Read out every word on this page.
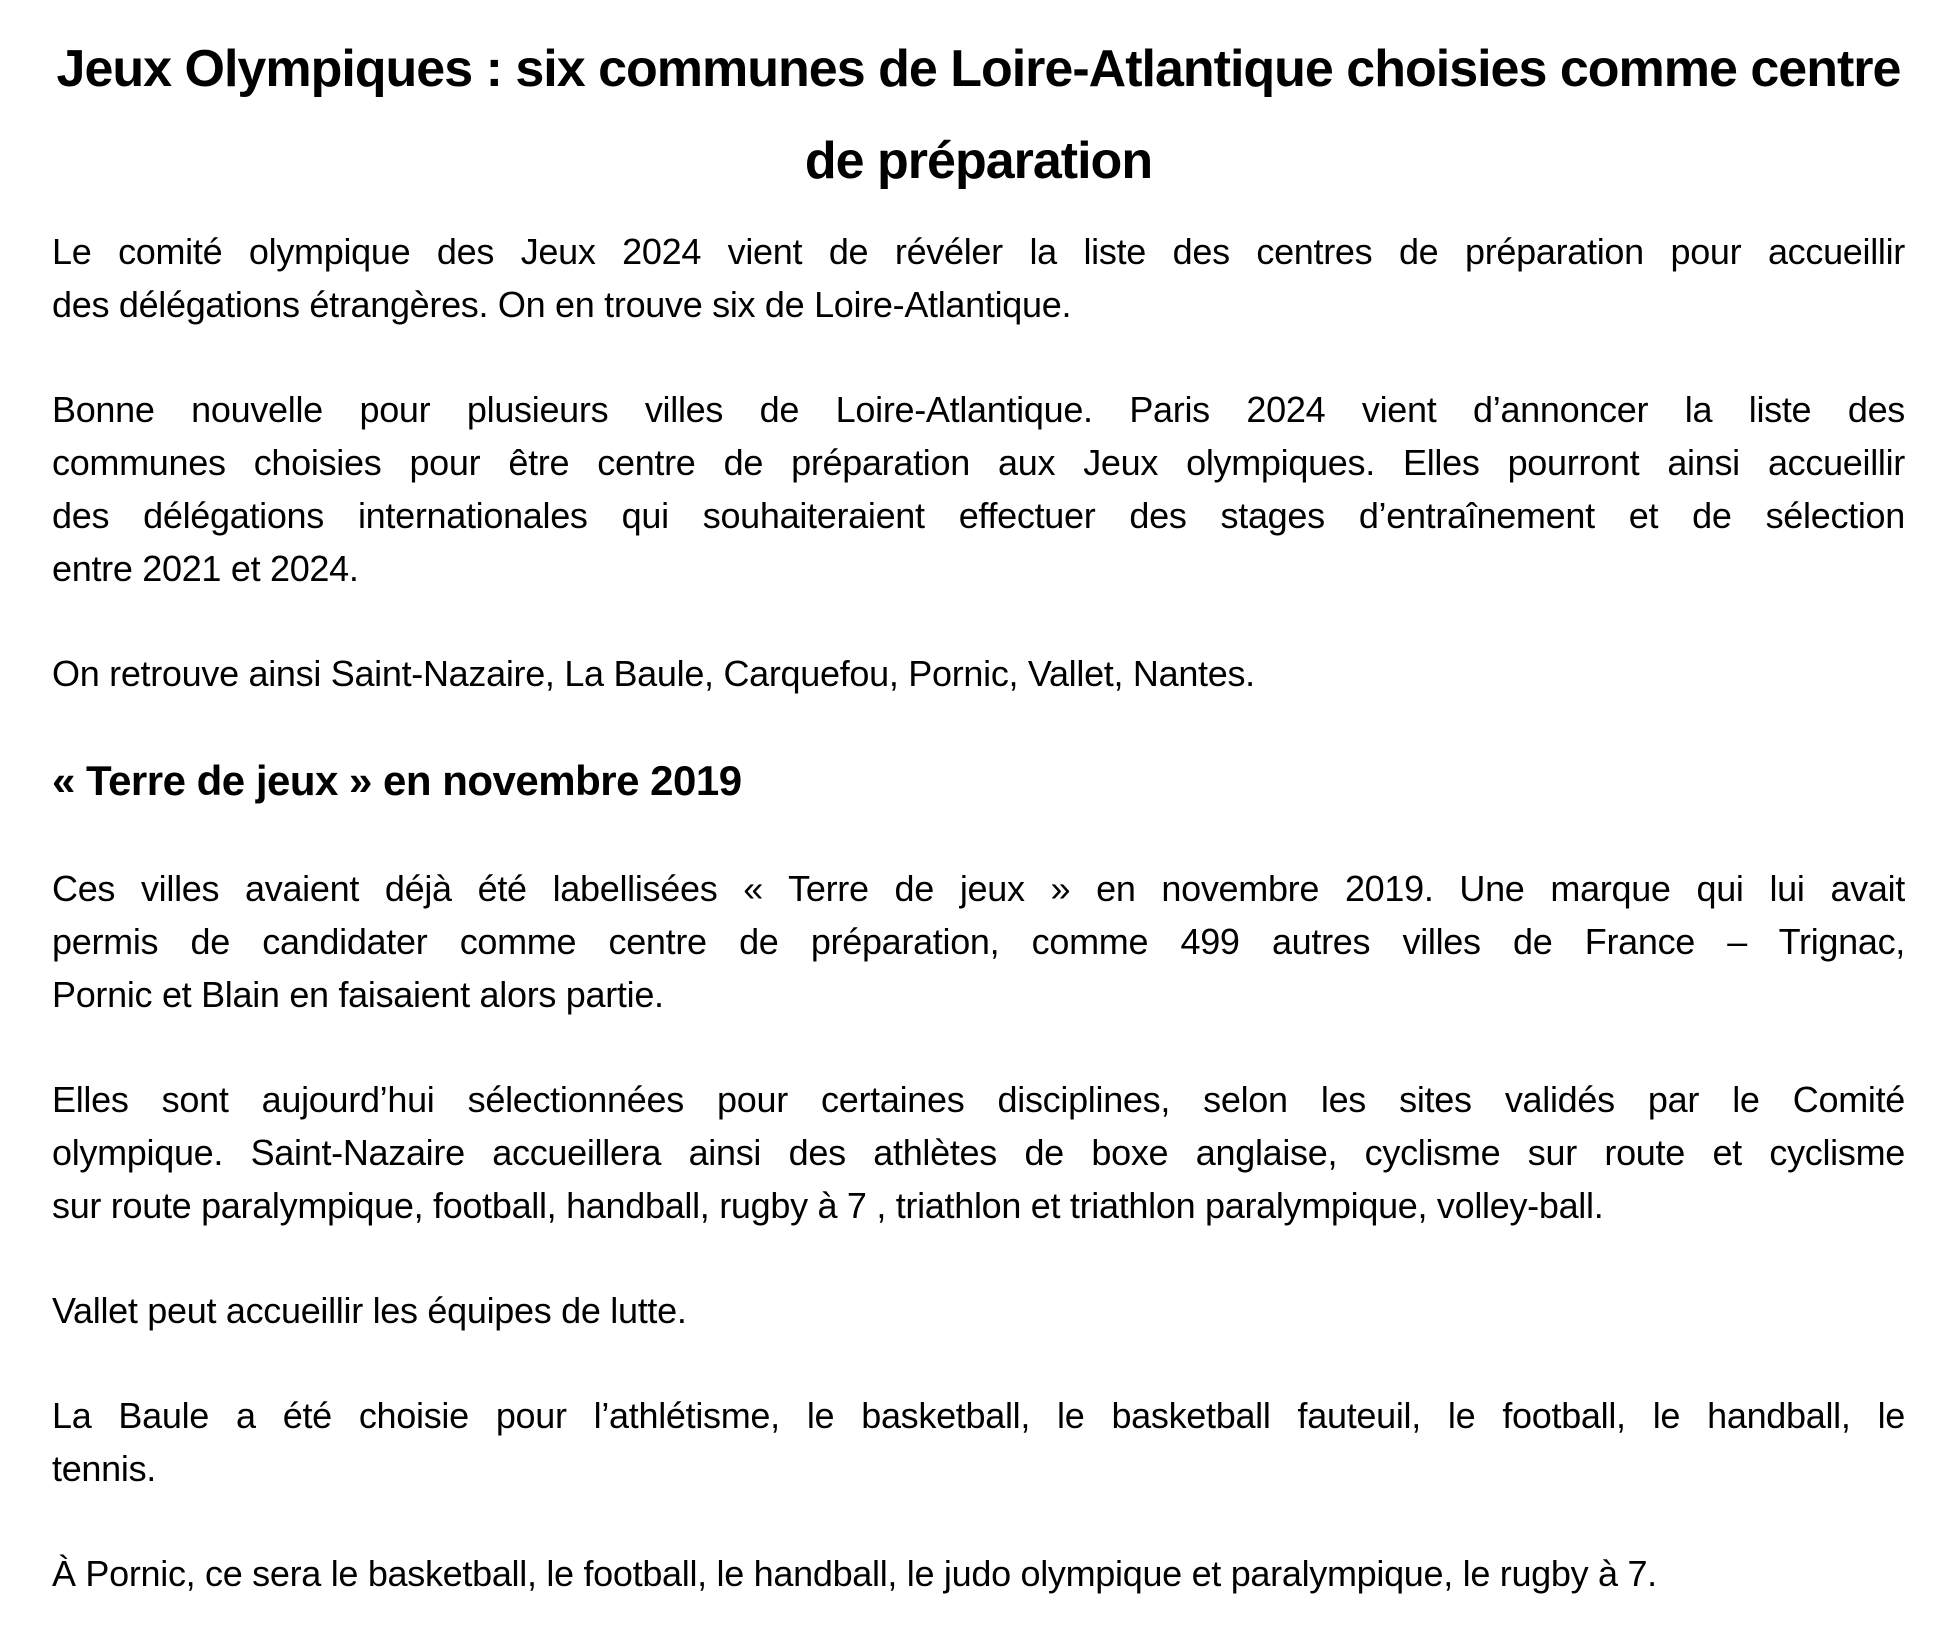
Jeux Olympiques : six communes de Loire-Atlantique choisies comme centre
de préparation

Le comité olympique des Jeux 2024 vient de révéler la liste des centres de préparation pour accueillir
des délégations étrangères. On en trouve six de Loire-Atlantique.

Bonne nouvelle pour plusieurs villes de Loire-Atlantique. Paris 2024 vient d’annoncer la liste des
communes choisies pour être centre de préparation aux Jeux olympiques. Elles pourront ainsi accueillir
des délégations internationales qui souhaiteraient effectuer des stages d’entraînement et de sélection
entre 2021 et 2024.

On retrouve ainsi Saint-Nazaire, La Baule, Carquefou, Pornic, Vallet, Nantes.

« Terre de jeux » en novembre 2019

Ces villes avaient déjà été labellisées « Terre de jeux » en novembre 2019. Une marque qui lui avait
permis de candidater comme centre de préparation, comme 499 autres villes de France – Trignac,
Pornic et Blain en faisaient alors partie.

Elles sont aujourd’hui sélectionnées pour certaines disciplines, selon les sites validés par le Comité
olympique. Saint-Nazaire accueillera ainsi des athlètes de boxe anglaise, cyclisme sur route et cyclisme
sur route paralympique, football, handball, rugby à 7 , triathlon et triathlon paralympique, volley-ball.

Vallet peut accueillir les équipes de lutte.

La Baule a été choisie pour l’athlétisme, le basketball, le basketball fauteuil, le football, le handball, le
tennis.

À Pornic, ce sera le basketball, le football, le handball, le judo olympique et paralympique, le rugby à 7.
